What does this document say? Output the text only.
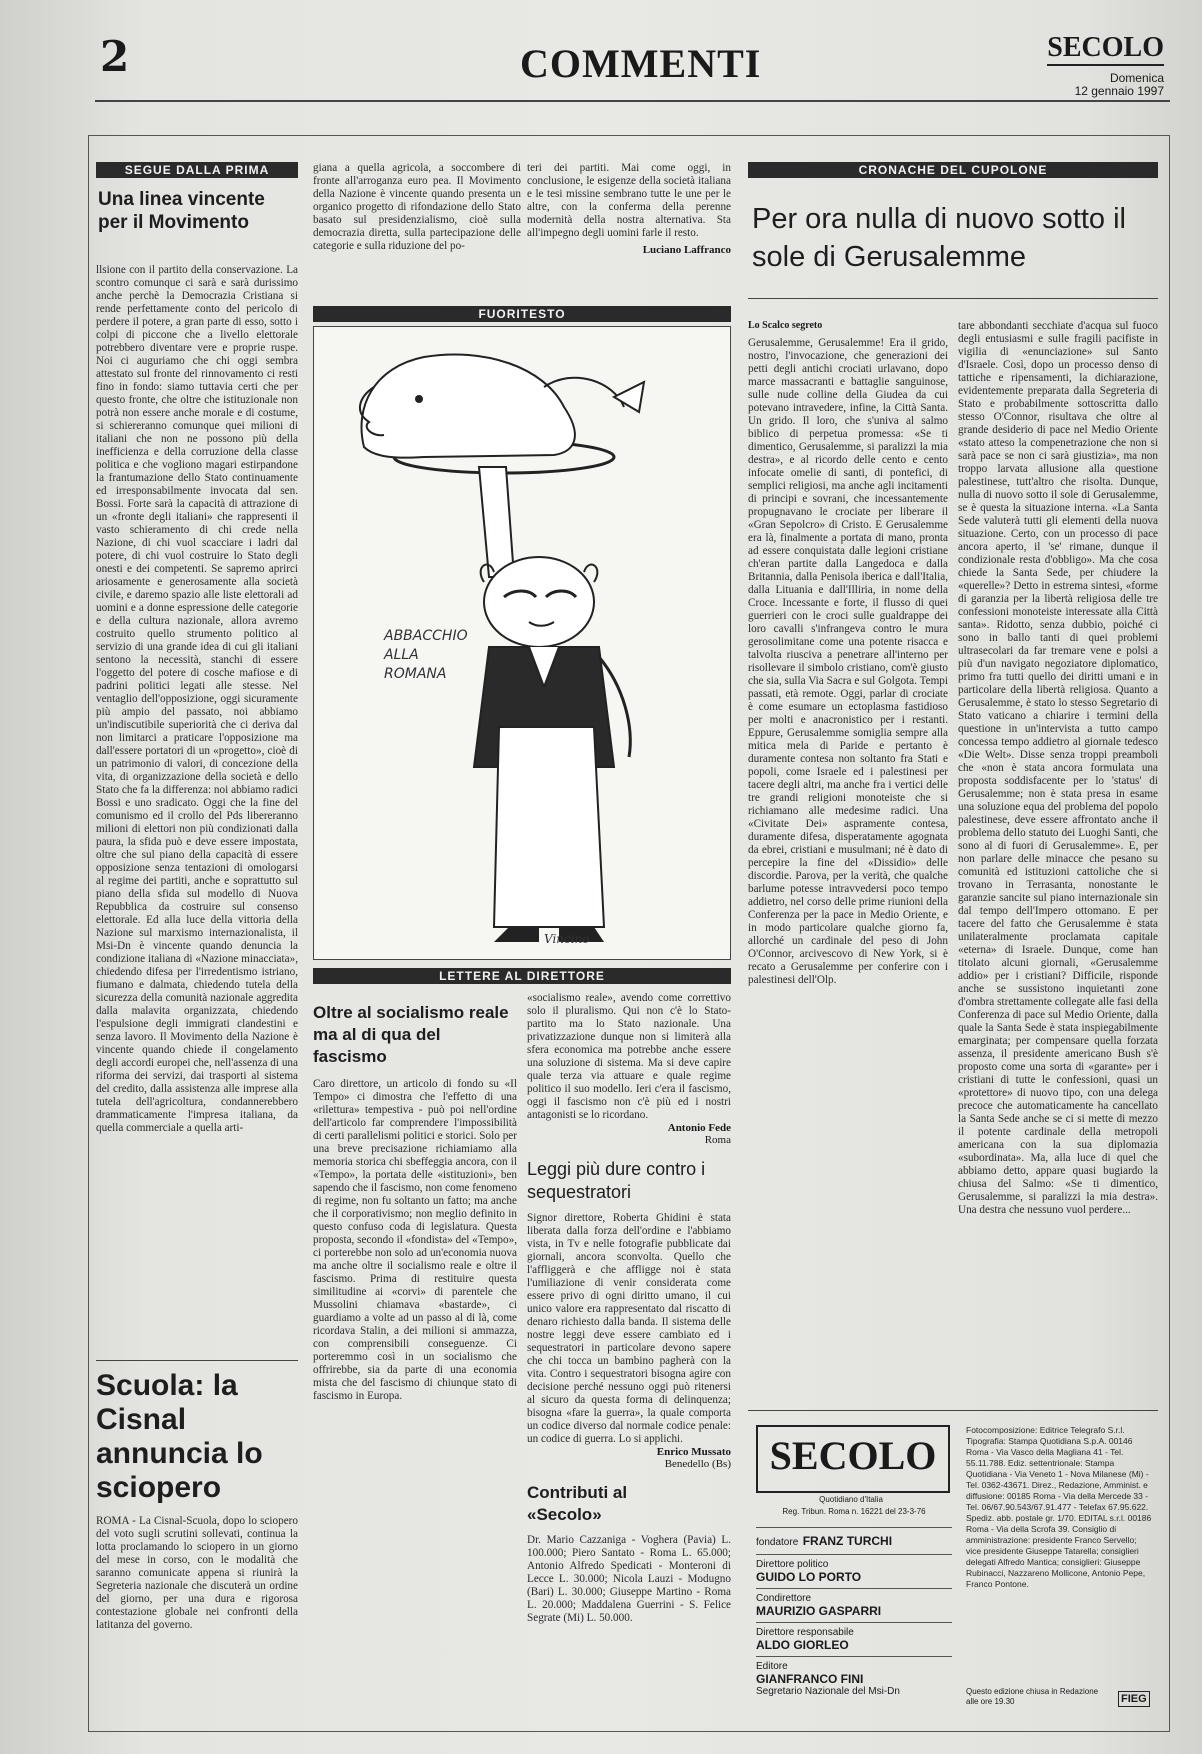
2	COMMENTI	SECOLO
Domenica
12 gennaio 1997
SEGUE DALLA PRIMA
Una linea vincente per il Movimento
llsione con il partito della conservazione. La scontro comunque ci sarà e sarà durissimo anche perchè la Democrazia Cristiana si rende perfettamente conto del pericolo di perdere il potere, a gran parte di esso, sotto i colpi di piccone che a livello elettorale potrebbero diventare vere e proprie ruspe. Noi ci auguriamo che chi oggi sembra attestato sul fronte del rinnovamento ci resti fino in fondo: siamo tuttavia certi che per questo fronte, che oltre che istituzionale non potrà non essere anche morale e di costume, si schiereranno comunque quei milioni di italiani che non ne possono più della inefficienza e della corruzione della classe politica e che vogliono magari estirpandone la frantumazione dello Stato continuamente ed irresponsabilmente invocata dal sen. Bossi. Forte sarà la capacità di attrazione di un «fronte degli italiani» che rappresenti il vasto schieramento di chi crede nella Nazione, di chi vuol scacciare i ladri dal potere, di chi vuol costruire lo Stato degli onesti e dei competenti. Se sapremo aprirci ariosamente e generosamente alla società civile, e daremo spazio alle liste elettorali ad uomini e a donne espressione delle categorie e della cultura nazionale, allora avremo costruito quello strumento politico al servizio di una grande idea di cui gli italiani sentono la necessità, stanchi di essere l'oggetto del potere di cosche mafiose e di padrini politici legati alle stesse. Nel ventaglio dell'opposizione, oggi sicuramente più ampio del passato, noi abbiamo un'indiscutibile superiorità che ci deriva dal non limitarci a praticare l'opposizione ma dall'essere portatori di un «progetto», cioè di un patrimonio di valori, di concezione della vita, di organizzazione della società e dello Stato che fa la differenza: noi abbiamo radici Bossi e uno sradicato. Oggi che la fine del comunismo ed il crollo del Pds libereranno milioni di elettori non più condizionati dalla paura, la sfida può e deve essere impostata, oltre che sul piano della capacità di essere opposizione senza tentazioni di omologarsi al regime dei partiti, anche e soprattutto sul piano della sfida sul modello di Nuova Repubblica da costruire sul consenso elettorale. Ed alla luce della vittoria della Nazione sul marxismo internazionalista, il Msi-Dn è vincente quando denuncia la condizione italiana di «Nazione minacciata», chiedendo difesa per l'irredentismo istriano, fiumano e dalmata, chiedendo tutela della sicurezza della comunità nazionale aggredita dalla malavita organizzata, chiedendo l'espulsione degli immigrati clandestini e senza lavoro. Il Movimento della Nazione è vincente quando chiede il congelamento degli accordi europei che, nell'assenza di una riforma dei servizi, dai trasporti al sistema del credito, dalla assistenza alle imprese alla tutela dell'agricoltura, condannerebbero drammaticamente l'impresa italiana, da quella commerciale a quella arti-
Scuola: la Cisnal annuncia lo sciopero
ROMA - La Cisnal-Scuola, dopo lo sciopero del voto sugli scrutini sollevati, continua la lotta proclamando lo sciopero in un giorno del mese in corso, con le modalità che saranno comunicate appena si riunirà la Segreteria nazionale che discuterà un ordine del giorno, per una dura e rigorosa contestazione globale nei confronti della latitanza del governo.
giana a quella agricola, a soccombere di fronte all'arroganza euro pea. Il Movimento della Nazione è vincente quando presenta un organico progetto di rifondazione dello Stato basato sul presidenzialismo, cioè sulla democrazia diretta, sulla partecipazione delle categorie e sulla riduzione del po-
FUORITESTO
ABBACCHIO ALLA ROMANA
Vincino
LETTERE AL DIRETTORE
Oltre al socialismo reale ma al di qua del fascismo
Caro direttore, un articolo di fondo su «Il Tempo» ci dimostra che l'effetto di una «rilettura» tempestiva - può poi nell'ordine dell'articolo far comprendere l'impossibilità di certi parallelismi politici e storici. Solo per una breve precisazione richiamiamo alla memoria storica chi sbeffeggia ancora, con il «Tempo», la portata delle «istituzioni», ben sapendo che il fascismo, non come fenomeno di regime, non fu soltanto un fatto; ma anche che il corporativismo; non meglio definito in questo confuso coda di legislatura. Questa proposta, secondo il «fondista» del «Tempo», ci porterebbe non solo ad un'economia nuova ma anche oltre il socialismo reale e oltre il fascismo. Prima di restituire questa similitudine ai «corvi» di parentele che Mussolini chiamava «bastarde», ci guardiamo a volte ad un passo al di là, come ricordava Stalin, a dei milioni si ammazza, con comprensibili conseguenze. Ci porteremmo così in un socialismo che offrirebbe, sia da parte di una economia mista che del fascismo di chiunque stato di fascismo in Europa.
teri dei partiti. Mai come oggi, in conclusione, le esigenze della società italiana e le tesi missine sembrano tutte le une per le altre, con la conferma della perenne modernità della nostra alternativa. Sta all'impegno degli uomini farle il resto.
Luciano Laffranco
«socialismo reale», avendo come correttivo solo il pluralismo. Qui non c'è lo Stato-partito ma lo Stato nazionale. Una privatizzazione dunque non si limiterà alla sfera economica ma potrebbe anche essere una soluzione di sistema. Ma si deve capire quale terza via attuare e quale regime politico il suo modello. Ieri c'era il fascismo, oggi il fascismo non c'è più ed i nostri antagonisti se lo ricordano.
Antonio Fede
Roma
Leggi più dure contro i sequestratori
Signor direttore, Roberta Ghidini è stata liberata dalla forza dell'ordine e l'abbiamo vista, in Tv e nelle fotografie pubblicate dai giornali, ancora sconvolta. Quello che l'affliggerà e che affligge noi è stata l'umiliazione di venir considerata come essere privo di ogni diritto umano, il cui unico valore era rappresentato dal riscatto di denaro richiesto dalla banda. Il sistema delle nostre leggi deve essere cambiato ed i sequestratori in particolare devono sapere che chi tocca un bambino pagherà con la vita. Contro i sequestratori bisogna agire con decisione perché nessuno oggi può ritenersi al sicuro da questa forma di delinquenza; bisogna «fare la guerra», la quale comporta un codice diverso dal normale codice penale: un codice di guerra. Lo si applichi.
Enrico Mussato
Benedello (Bs)
Contributi al «Secolo»
Dr. Mario Cazzaniga - Voghera (Pavia) L. 100.000; Piero Santato - Roma L. 65.000; Antonio Alfredo Spedicati - Monteroni di Lecce L. 30.000; Nicola Lauzi - Modugno (Bari) L. 30.000; Giuseppe Martino - Roma L. 20.000; Maddalena Guerrini - S. Felice Segrate (Mi) L. 50.000.
CRONACHE DEL CUPOLONE
Per ora nulla di nuovo sotto il sole di Gerusalemme
Lo Scalco segreto
Gerusalemme, Gerusalemme! Era il grido, nostro, l'invocazione, che generazioni dei petti degli antichi crociati urlavano, dopo marce massacranti e battaglie sanguinose, sulle nude colline della Giudea da cui potevano intravedere, infine, la Città Santa. Un grido. Il loro, che s'univa al salmo biblico di perpetua promessa: «Se ti dimentico, Gerusalemme, si paralizzi la mia destra», e al ricordo delle cento e cento infocate omelie di santi, di pontefici, di semplici religiosi, ma anche agli incitamenti di principi e sovrani, che incessantemente propugnavano le crociate per liberare il «Gran Sepolcro» di Cristo. E Gerusalemme era là, finalmente a portata di mano, pronta ad essere conquistata dalle legioni cristiane ch'eran partite dalla Langedoca e dalla Britannia, dalla Penisola iberica e dall'Italia, dalla Lituania e dall'Illiria, in nome della Croce. Incessante e forte, il flusso di quei guerrieri con le croci sulle gualdrappe dei loro cavalli s'infrangeva contro le mura gerosolimitane come una potente risacca e talvolta riusciva a penetrare all'interno per risollevare il simbolo cristiano, com'è giusto che sia, sulla Via Sacra e sul Golgota. Tempi passati, età remote. Oggi, parlar di crociate è come esumare un ectoplasma fastidioso per molti e anacronistico per i restanti. Eppure, Gerusalemme somiglia sempre alla mitica mela di Paride e pertanto è duramente contesa non soltanto fra Stati e popoli, come Israele ed i palestinesi per tacere degli altri, ma anche fra i vertici delle tre grandi religioni monoteiste che si richiamano alle medesime radici. Una «Civitate Dei» aspramente contesa, duramente difesa, disperatamente agognata da ebrei, cristiani e musulmani; né è dato di percepire la fine del «Dissidio» delle discordie. Parova, per la verità, che qualche barlume potesse intravvedersi poco tempo addietro, nel corso delle prime riunioni della Conferenza per la pace in Medio Oriente, e in modo particolare qualche giorno fa, allorché un cardinale del peso di John O'Connor, arcivescovo di New York, si è recato a Gerusalemme per conferire con i palestinesi dell'Olp.
tare abbondanti secchiate d'acqua sul fuoco degli entusiasmi e sulle fragili pacifiste in vigilia di «enunciazione» sul Santo d'Israele. Così, dopo un processo denso di tattiche e ripensamenti, la dichiarazione, evidentemente preparata dalla Segreteria di Stato e probabilmente sottoscritta dallo stesso O'Connor, risultava che oltre al grande desiderio di pace nel Medio Oriente «stato atteso la compenetrazione che non si sarà pace se non ci sarà giustizia», ma non troppo larvata allusione alla questione palestinese, tutt'altro che risolta. Dunque, nulla di nuovo sotto il sole di Gerusalemme, se è questa la situazione interna. «La Santa Sede valuterà tutti gli elementi della nuova situazione. Certo, con un processo di pace ancora aperto, il 'se' rimane, dunque il condizionale resta d'obbligo». Ma che cosa chiede la Santa Sede, per chiudere la «querelle»? Detto in estrema sintesi, «forme di garanzia per la libertà religiosa delle tre confessioni monoteiste interessate alla Città santa». Ridotto, senza dubbio, poiché ci sono in ballo tanti di quei problemi ultrasecolari da far tremare vene e polsi a più d'un navigato negoziatore diplomatico, primo fra tutti quello dei diritti umani e in particolare della libertà religiosa. Quanto a Gerusalemme, è stato lo stesso Segretario di Stato vaticano a chiarire i termini della questione in un'intervista a tutto campo concessa tempo addietro al giornale tedesco «Die Welt». Disse senza troppi preamboli che «non è stata ancora formulata una proposta soddisfacente per lo 'status' di Gerusalemme; non è stata presa in esame una soluzione equa del problema del popolo palestinese, deve essere affrontato anche il problema dello statuto dei Luoghi Santi, che sono al di fuori di Gerusalemme». E, per non parlare delle minacce che pesano su comunità ed istituzioni cattoliche che si trovano in Terrasanta, nonostante le garanzie sancite sul piano internazionale sin dal tempo dell'Impero ottomano. E per tacere del fatto che Gerusalemme è stata unilateralmente proclamata capitale «eterna» di Israele. Dunque, come han titolato alcuni giornali, «Gerusalemme addio» per i cristiani? Difficile, risponde anche se sussistono inquietanti zone d'ombra strettamente collegate alle fasi della Conferenza di pace sul Medio Oriente, dalla quale la Santa Sede è stata inspiegabilmente emarginata; per compensare quella forzata assenza, il presidente americano Bush s'è proposto come una sorta di «garante» per i cristiani di tutte le confessioni, quasi un «protettore» di nuovo tipo, con una delega precoce che automaticamente ha cancellato la Santa Sede anche se ci si mette di mezzo il potente cardinale della metropoli americana con la sua diplomazia «subordinata». Ma, alla luce di quel che abbiamo detto, appare quasi bugiardo la chiusa del Salmo: «Se ti dimentico, Gerusalemme, si paralizzi la mia destra». Una destra che nessuno vuol perdere...
SECOLO
Quotidiano d'Italia
Reg. Tribun. Roma n. 16221 del 23-3-76
fondatore FRANZ TURCHI
Direttore politico
GUIDO LO PORTO
Condirettore
MAURIZIO GASPARRI
Direttore responsabile
ALDO GIORLEO
Editore
GIANFRANCO FINI
Segretario Nazionale del Msi-Dn
Fotocomposizione: Editrice Telegrafo S.r.l. Tipografia: Stampa Quotidiana S.p.A. 00146 Roma - Via Vasco della Magliana 41 - Tel. 55.11.788. Ediz. settentrionale: Stampa Quotidiana - Via Veneto 1 - Nova Milanese (Mi) - Tel. 0362-43671. Direz., Redazione, Amminist. e diffusione: 00185 Roma - Via della Mercede 33 - Tel. 06/67.90.543/67.91.477 - Telefax 67.95.622. Spediz. abb. postale gr. 1/70. EDITAL s.r.l. 00186 Roma - Via della Scrofa 39. Consiglio di amministrazione: presidente Franco Servello; vice presidente Giuseppe Tatarella; consiglieri delegati Alfredo Mantica; consiglieri: Giuseppe Rubinacci, Nazzareno Mollicone, Antonio Pepe, Franco Pontone.
Questo edizione chiusa in Redazione alle ore 19.30	FIEG
